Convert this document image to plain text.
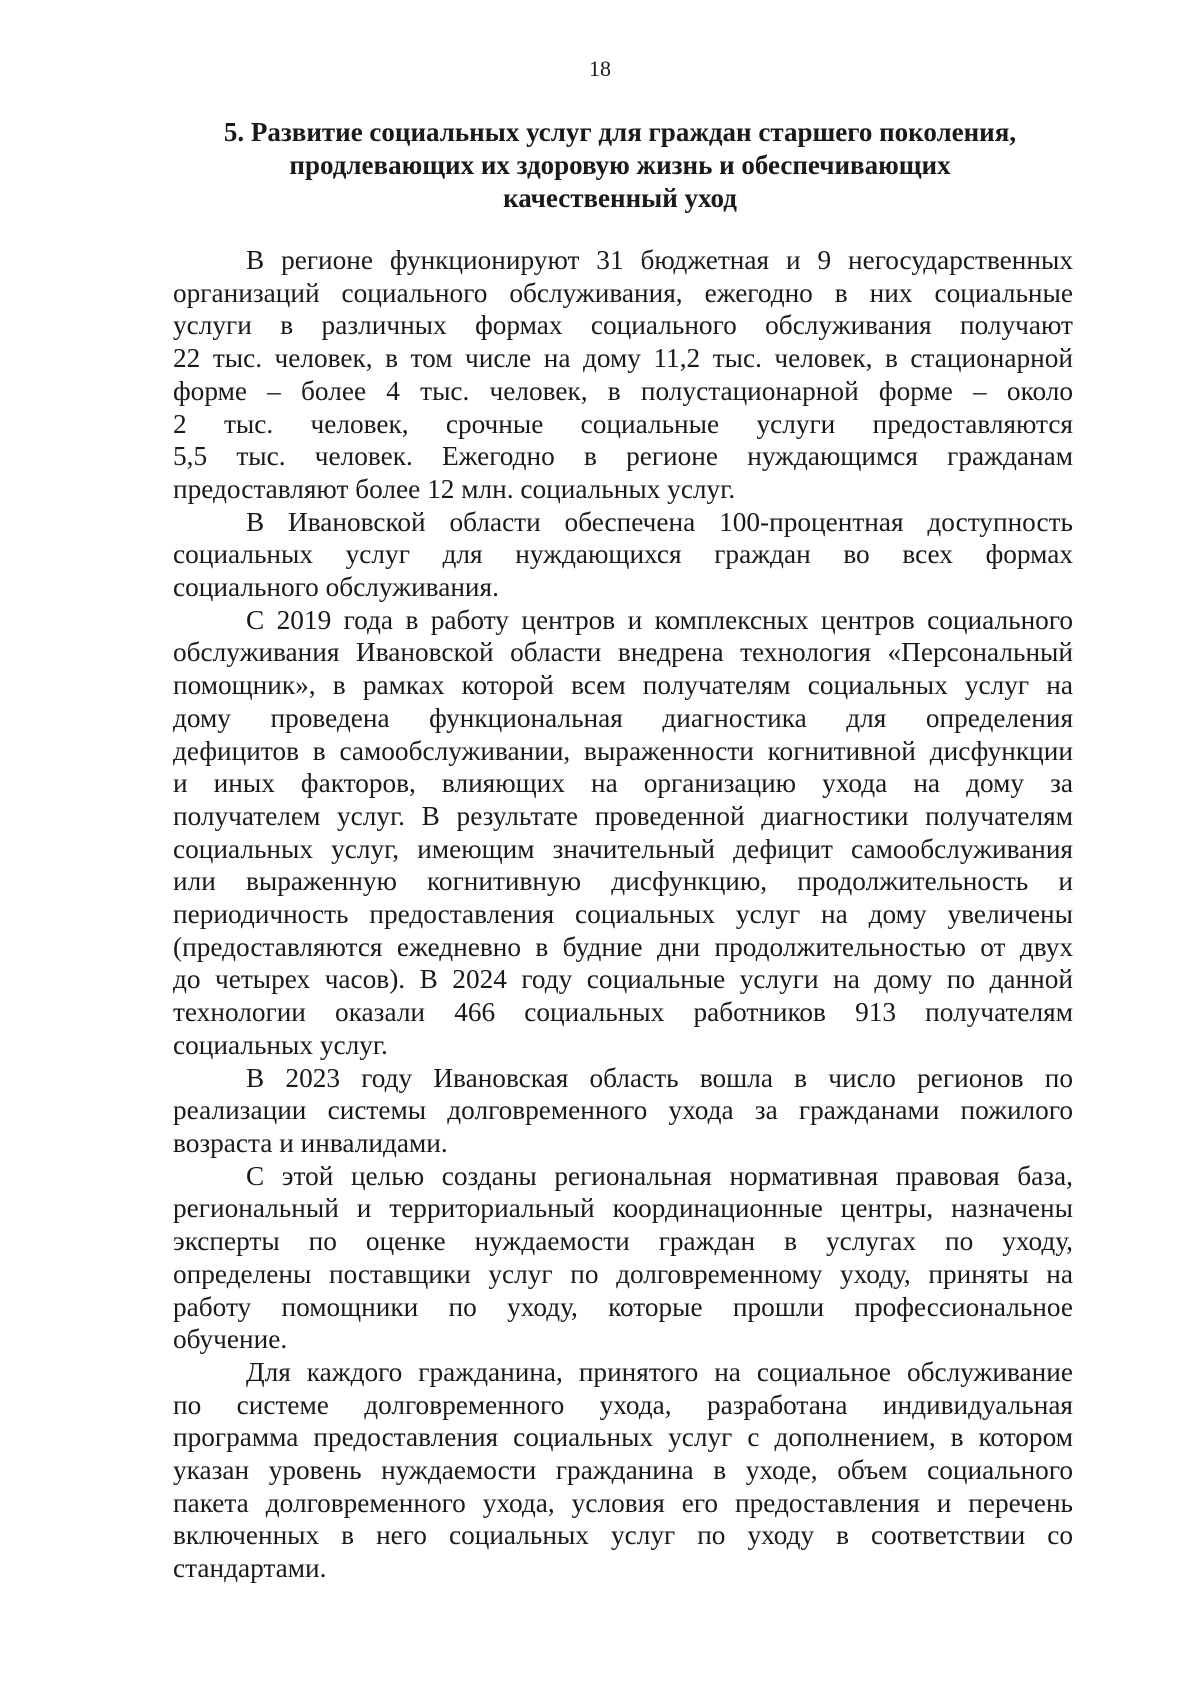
18
5. Развитие социальных услуг для граждан старшего поколения,
продлевающих их здоровую жизнь и обеспечивающих
качественный уход
В регионе функционируют 31 бюджетная и 9 негосударственных
организаций социального обслуживания, ежегодно в них социальные
услуги в различных формах социального обслуживания получают
22 тыс. человек, в том числе на дому 11,2 тыс. человек, в стационарной
форме – более 4 тыс. человек, в полустационарной форме – около
2 тыс. человек, срочные социальные услуги предоставляются
5,5 тыс. человек. Ежегодно в регионе нуждающимся гражданам
предоставляют более 12 млн. социальных услуг.
В Ивановской области обеспечена 100-процентная доступность
социальных услуг для нуждающихся граждан во всех формах
социального обслуживания.
С 2019 года в работу центров и комплексных центров социального
обслуживания Ивановской области внедрена технология «Персональный
помощник», в рамках которой всем получателям социальных услуг на
дому проведена функциональная диагностика для определения
дефицитов в самообслуживании, выраженности когнитивной дисфункции
и иных факторов, влияющих на организацию ухода на дому за
получателем услуг. В результате проведенной диагностики получателям
социальных услуг, имеющим значительный дефицит самообслуживания
или выраженную когнитивную дисфункцию, продолжительность и
периодичность предоставления социальных услуг на дому увеличены
(предоставляются ежедневно в будние дни продолжительностью от двух
до четырех часов). В 2024 году социальные услуги на дому по данной
технологии оказали 466 социальных работников 913 получателям
социальных услуг.
В 2023 году Ивановская область вошла в число регионов по
реализации системы долговременного ухода за гражданами пожилого
возраста и инвалидами.
С этой целью созданы региональная нормативная правовая база,
региональный и территориальный координационные центры, назначены
эксперты по оценке нуждаемости граждан в услугах по уходу,
определены поставщики услуг по долговременному уходу, приняты на
работу помощники по уходу, которые прошли профессиональное
обучение.
Для каждого гражданина, принятого на социальное обслуживание
по системе долговременного ухода, разработана индивидуальная
программа предоставления социальных услуг с дополнением, в котором
указан уровень нуждаемости гражданина в уходе, объем социального
пакета долговременного ухода, условия его предоставления и перечень
включенных в него социальных услуг по уходу в соответствии со
стандартами.
